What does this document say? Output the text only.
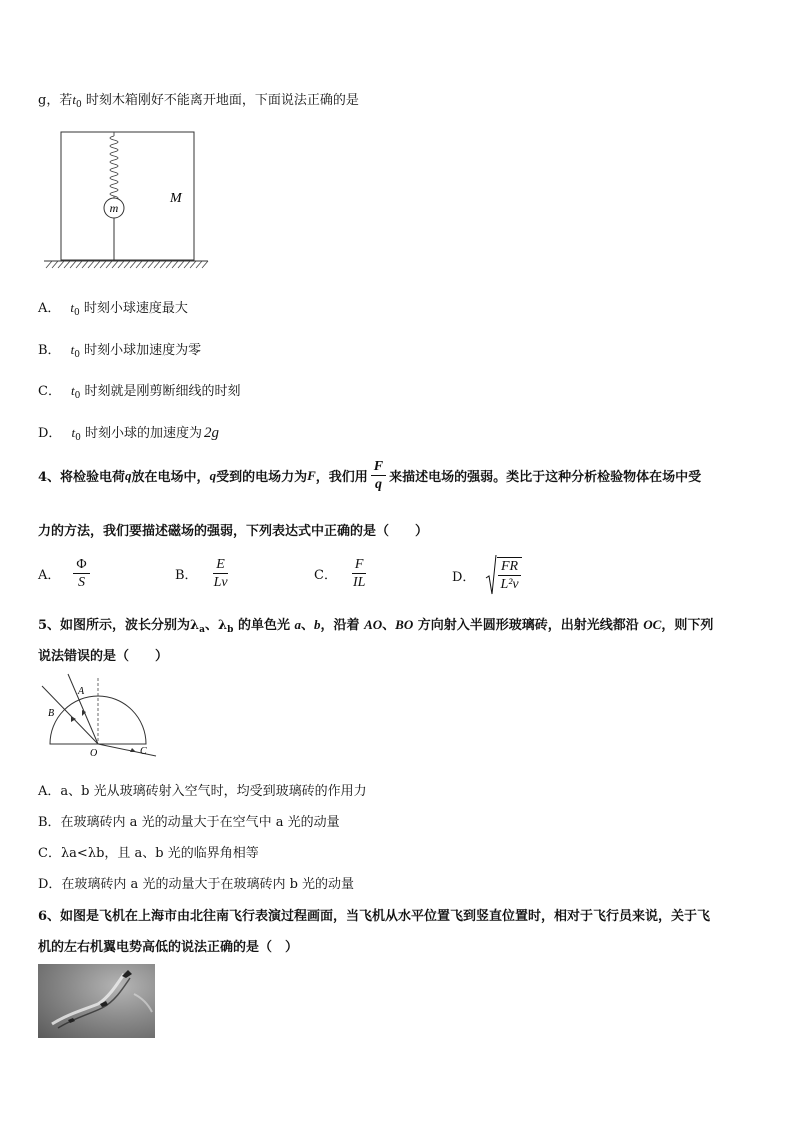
g，若$t_0$ 时刻木箱刚好不能离开地面，下面说法正确的是
m
M
A． $t_0$ 时刻小球速度最大
B． $t_0$ 时刻小球加速度为零
C． $t_0$ 时刻就是刚剪断细线的时刻
D． $t_0$ 时刻小球的加速度为 2g
4、将检验电荷 q 放在电场中， q 受到的电场力为 F ，我们用 $\frac{F}{q}$ 来描述电场的强弱。类比于这种分析检验物体在场中受
力的方法，我们要描述磁场的强弱，下列表达式中正确的是（　　）
A． $\frac{\Phi}{S}$	B． $\frac{E}{Lv}$	C． $\frac{F}{IL}$	D． $\frac{FR}{\text{L²v}}$
5、如图所示，波长分别为$\lambda_a$、$\lambda_b$ 的单色光 a、b，沿着 AO、BO 方向射入半圆形玻璃砖，出射光线都沿 OC，则下列
说法错误的是（　　）
A
B
O	C
A．a、b 光从玻璃砖射入空气时，均受到玻璃砖的作用力
B．在玻璃砖内 a 光的动量大于在空气中 a 光的动量
C．λa<λb，且 a、b 光的临界角相等
D．在玻璃砖内 a 光的动量大于在玻璃砖内 b 光的动量
6、如图是飞机在上海市由北往南飞行表演过程画面，当飞机从水平位置飞到竖直位置时，相对于飞行员来说，关于飞
机的左右机翼电势高低的说法正确的是（　）
